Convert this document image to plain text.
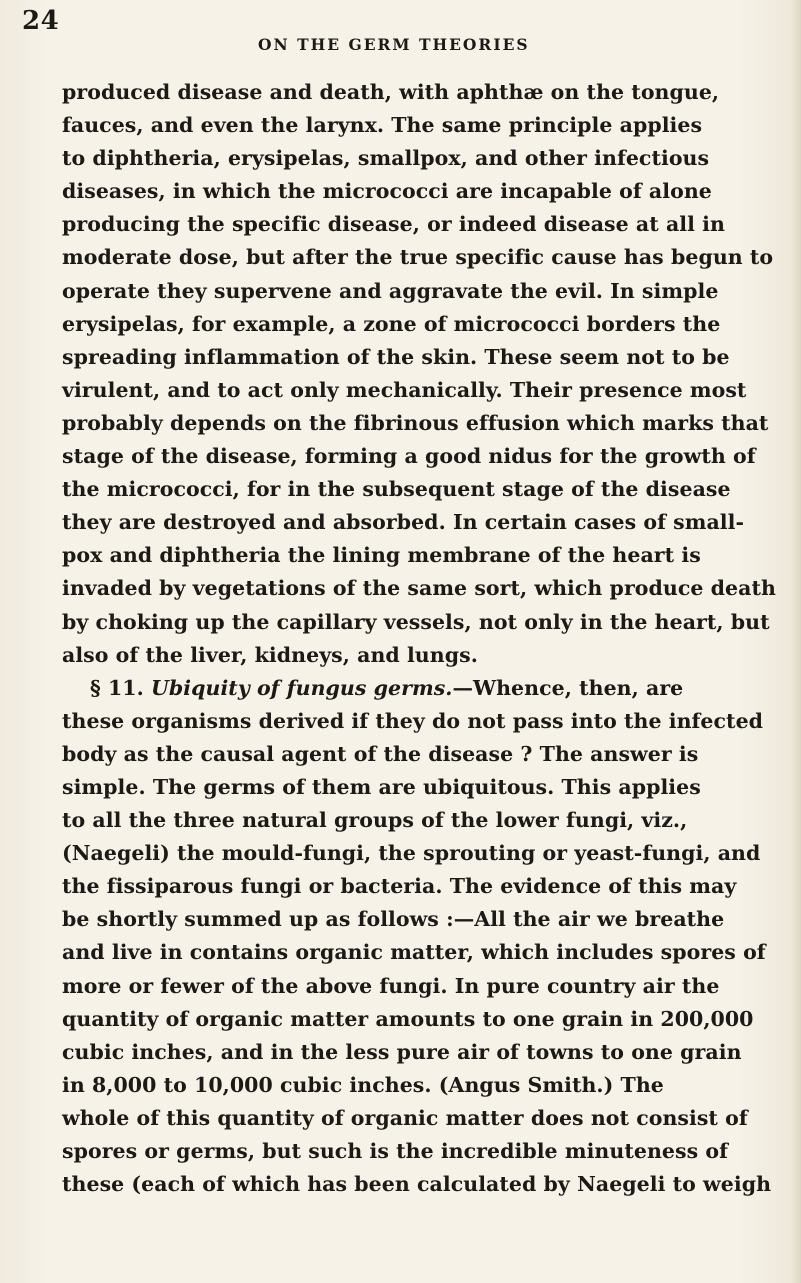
24
ON THE GERM THEORIES
produced disease and death, with aphthæ on the tongue,
fauces, and even the larynx. The same principle applies
to diphtheria, erysipelas, smallpox, and other infectious
diseases, in which the micrococci are incapable of alone
producing the specific disease, or indeed disease at all in
moderate dose, but after the true specific cause has begun to
operate they supervene and aggravate the evil. In simple
erysipelas, for example, a zone of micrococci borders the
spreading inflammation of the skin. These seem not to be
virulent, and to act only mechanically. Their presence most
probably depends on the fibrinous effusion which marks that
stage of the disease, forming a good nidus for the growth of
the micrococci, for in the subsequent stage of the disease
they are destroyed and absorbed. In certain cases of small-
pox and diphtheria the lining membrane of the heart is
invaded by vegetations of the same sort, which produce death
by choking up the capillary vessels, not only in the heart, but
also of the liver, kidneys, and lungs.
§ 11. Ubiquity of fungus germs.—Whence, then, are
these organisms derived if they do not pass into the infected
body as the causal agent of the disease ? The answer is
simple. The germs of them are ubiquitous. This applies
to all the three natural groups of the lower fungi, viz.,
(Naegeli) the mould-fungi, the sprouting or yeast-fungi, and
the fissiparous fungi or bacteria. The evidence of this may
be shortly summed up as follows :—All the air we breathe
and live in contains organic matter, which includes spores of
more or fewer of the above fungi. In pure country air the
quantity of organic matter amounts to one grain in 200,000
cubic inches, and in the less pure air of towns to one grain
in 8,000 to 10,000 cubic inches. (Angus Smith.) The
whole of this quantity of organic matter does not consist of
spores or germs, but such is the incredible minuteness of
these (each of which has been calculated by Naegeli to weigh
